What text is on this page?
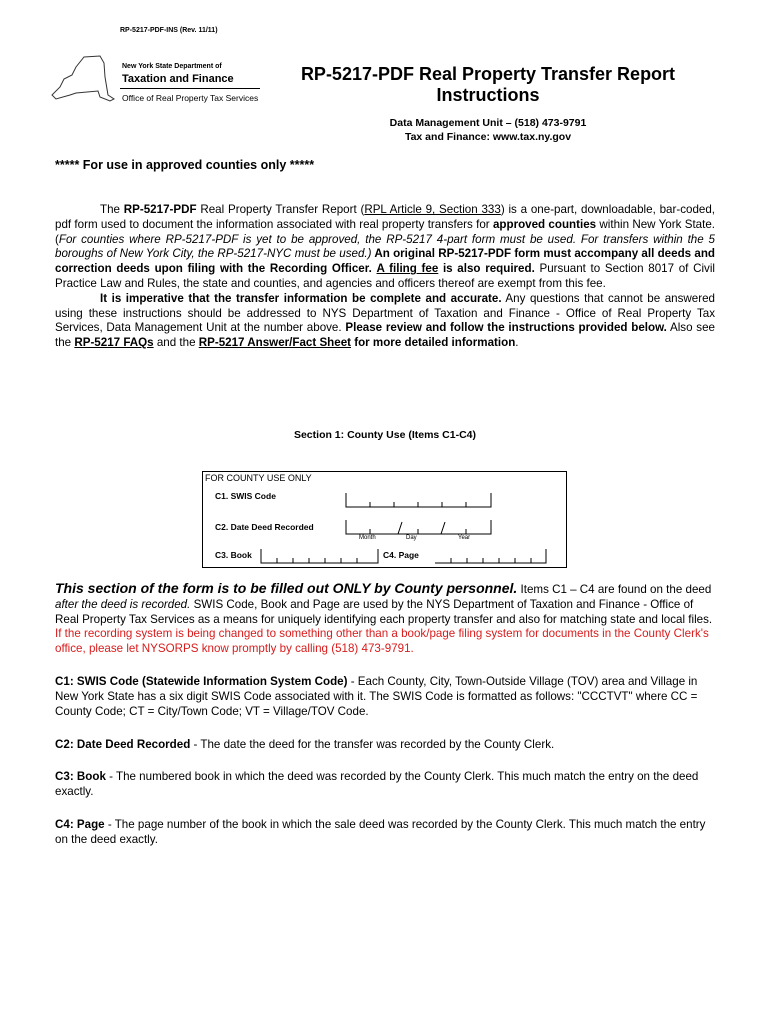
RP-5217-PDF-INS (Rev. 11/11)
New York State Department of
Taxation and Finance
Office of Real Property Tax Services
RP-5217-PDF Real Property Transfer Report
Instructions
Data Management Unit – (518) 473-9791
Tax and Finance: www.tax.ny.gov
***** For use in approved counties only *****
The RP-5217-PDF Real Property Transfer Report (RPL Article 9, Section 333) is a one-part, downloadable, bar-coded, pdf form used to document the information associated with real property transfers for approved counties within New York State. (For counties where RP-5217-PDF is yet to be approved, the RP-5217 4-part form must be used. For transfers within the 5 boroughs of New York City, the RP-5217-NYC must be used.) An original RP-5217-PDF form must accompany all deeds and correction deeds upon filing with the Recording Officer. A filing fee is also required. Pursuant to Section 8017 of Civil Practice Law and Rules, the state and counties, and agencies and officers thereof are exempt from this fee.
It is imperative that the transfer information be complete and accurate. Any questions that cannot be answered using these instructions should be addressed to NYS Department of Taxation and Finance - Office of Real Property Tax Services, Data Management Unit at the number above. Please review and follow the instructions provided below. Also see the RP-5217 FAQs and the RP-5217 Answer/Fact Sheet for more detailed information.
Section 1: County Use (Items C1-C4)
FOR COUNTY USE ONLY
C1. SWIS Code
C2. Date Deed Recorded
Month	Day	Year
C3. Book	C4. Page
This section of the form is to be filled out ONLY by County personnel. Items C1 – C4 are found on the deed after the deed is recorded. SWIS Code, Book and Page are used by the NYS Department of Taxation and Finance - Office of Real Property Tax Services as a means for uniquely identifying each property transfer and also for matching state and local files. If the recording system is being changed to something other than a book/page filing system for documents in the County Clerk's office, please let NYSORPS know promptly by calling (518) 473-9791.
C1: SWIS Code (Statewide Information System Code) - Each County, City, Town-Outside Village (TOV) area and Village in New York State has a six digit SWIS Code associated with it. The SWIS Code is formatted as follows: "CCCTVT" where CC = County Code; CT = City/Town Code; VT = Village/TOV Code.
C2: Date Deed Recorded - The date the deed for the transfer was recorded by the County Clerk.
C3: Book - The numbered book in which the deed was recorded by the County Clerk. This much match the entry on the deed exactly.
C4: Page - The page number of the book in which the sale deed was recorded by the County Clerk. This much match the entry on the deed exactly.
